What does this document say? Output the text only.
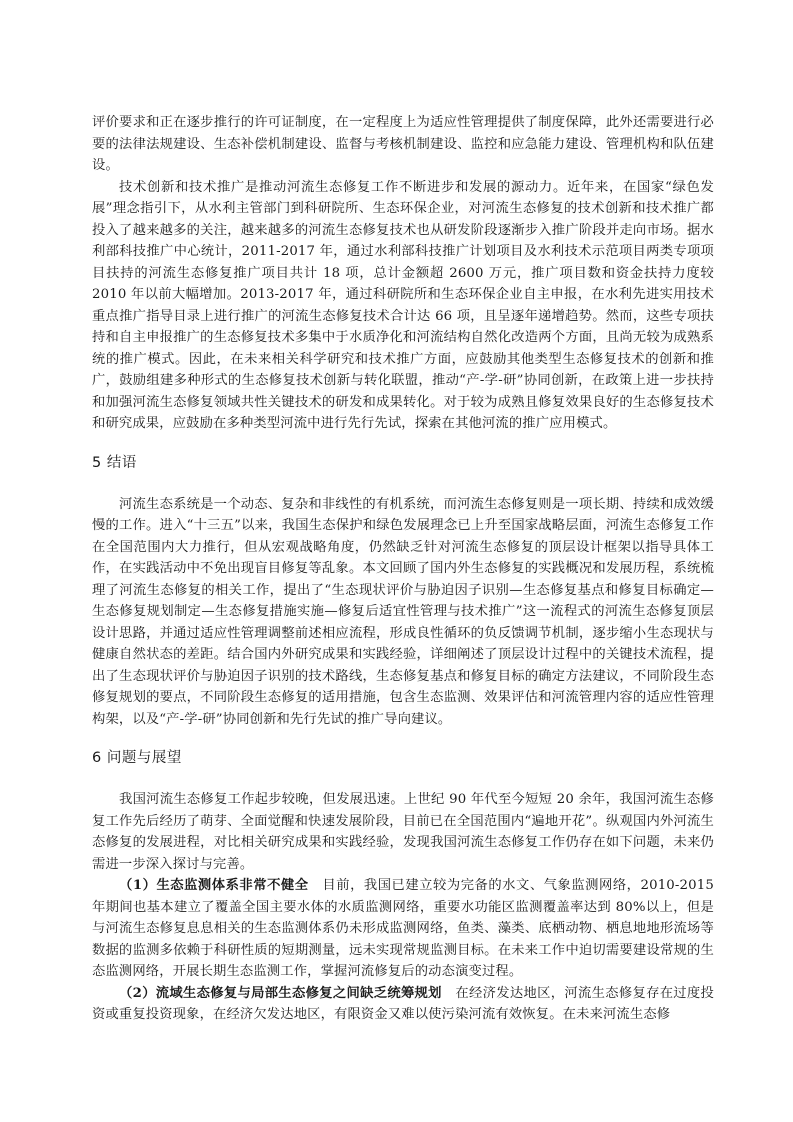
评价要求和正在逐步推行的许可证制度，在一定程度上为适应性管理提供了制度保障，此外还需要进行必要的法律法规建设、生态补偿机制建设、监督与考核机制建设、监控和应急能力建设、管理机构和队伍建设。

技术创新和技术推广是推动河流生态修复工作不断进步和发展的源动力。近年来，在国家“绿色发展”理念指引下，从水利主管部门到科研院所、生态环保企业，对河流生态修复的技术创新和技术推广都投入了越来越多的关注，越来越多的河流生态修复技术也从研发阶段逐渐步入推广阶段并走向市场。据水利部科技推广中心统计，2011-2017 年，通过水利部科技推广计划项目及水利技术示范项目两类专项项目扶持的河流生态修复推广项目共计 18 项，总计金额超 2600 万元，推广项目数和资金扶持力度较 2010 年以前大幅增加。2013-2017 年，通过科研院所和生态环保企业自主申报，在水利先进实用技术重点推广指导目录上进行推广的河流生态修复技术合计达 66 项，且呈逐年递增趋势。然而，这些专项扶持和自主申报推广的生态修复技术多集中于水质净化和河流结构自然化改造两个方面，且尚无较为成熟系统的推广模式。因此，在未来相关科学研究和技术推广方面，应鼓励其他类型生态修复技术的创新和推广，鼓励组建多种形式的生态修复技术创新与转化联盟，推动“产-学-研”协同创新，在政策上进一步扶持和加强河流生态修复领域共性关键技术的研发和成果转化。对于较为成熟且修复效果良好的生态修复技术和研究成果，应鼓励在多种类型河流中进行先行先试，探索在其他河流的推广应用模式。

5 结语

河流生态系统是一个动态、复杂和非线性的有机系统，而河流生态修复则是一项长期、持续和成效缓慢的工作。进入“十三五”以来，我国生态保护和绿色发展理念已上升至国家战略层面，河流生态修复工作在全国范围内大力推行，但从宏观战略角度，仍然缺乏针对河流生态修复的顶层设计框架以指导具体工作，在实践活动中不免出现盲目修复等乱象。本文回顾了国内外生态修复的实践概况和发展历程，系统梳理了河流生态修复的相关工作，提出了“生态现状评价与胁迫因子识别—生态修复基点和修复目标确定—生态修复规划制定—生态修复措施实施—修复后适宜性管理与技术推广”这一流程式的河流生态修复顶层设计思路，并通过适应性管理调整前述相应流程，形成良性循环的负反馈调节机制，逐步缩小生态现状与健康自然状态的差距。结合国内外研究成果和实践经验，详细阐述了顶层设计过程中的关键技术流程，提出了生态现状评价与胁迫因子识别的技术路线，生态修复基点和修复目标的确定方法建议，不同阶段生态修复规划的要点，不同阶段生态修复的适用措施，包含生态监测、效果评估和河流管理内容的适应性管理构架，以及“产-学-研”协同创新和先行先试的推广导向建议。

6 问题与展望

我国河流生态修复工作起步较晚，但发展迅速。上世纪 90 年代至今短短 20 余年，我国河流生态修复工作先后经历了萌芽、全面觉醒和快速发展阶段，目前已在全国范围内“遍地开花”。纵观国内外河流生态修复的发展进程，对比相关研究成果和实践经验，发现我国河流生态修复工作仍存在如下问题，未来仍需进一步深入探讨与完善。

（1）生态监测体系非常不健全　目前，我国已建立较为完备的水文、气象监测网络，2010-2015 年期间也基本建立了覆盖全国主要水体的水质监测网络，重要水功能区监测覆盖率达到 80%以上，但是与河流生态修复息息相关的生态监测体系仍未形成监测网络，鱼类、藻类、底栖动物、栖息地地形流场等数据的监测多依赖于科研性质的短期测量，远未实现常规监测目标。在未来工作中迫切需要建设常规的生态监测网络，开展长期生态监测工作，掌握河流修复后的动态演变过程。

（2）流域生态修复与局部生态修复之间缺乏统筹规划　在经济发达地区，河流生态修复存在过度投资或重复投资现象，在经济欠发达地区，有限资金又难以使污染河流有效恢复。在未来河流生态修
